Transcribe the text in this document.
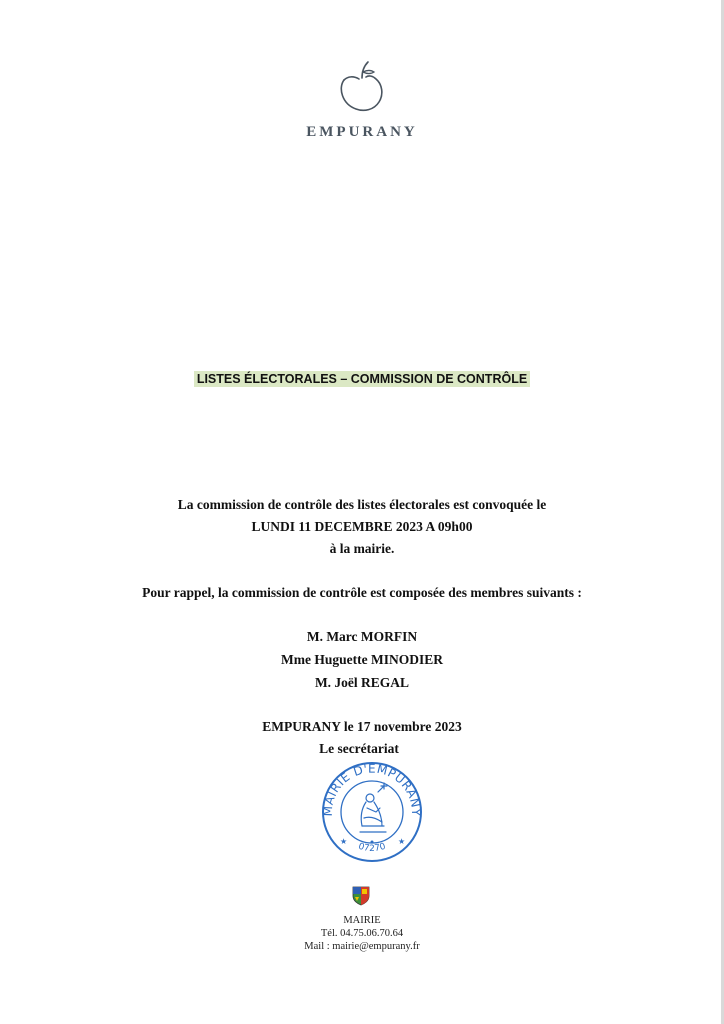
EMPURANY
LISTES ÉLECTORALES – COMMISSION DE CONTRÔLE
La commission de contrôle des listes électorales est convoquée le
LUNDI 11 DECEMBRE 2023 A 09h00
à la mairie.
Pour rappel, la commission de contrôle est composée des membres suivants :
M. Marc MORFIN
Mme Huguette MINODIER
M. Joël REGAL
EMPURANY le 17 novembre 2023
Le secrétariat
MAIRIE D'EMPURANY
07270
★	★
MAIRIE
Tél. 04.75.06.70.64
Mail : mairie@empurany.fr
